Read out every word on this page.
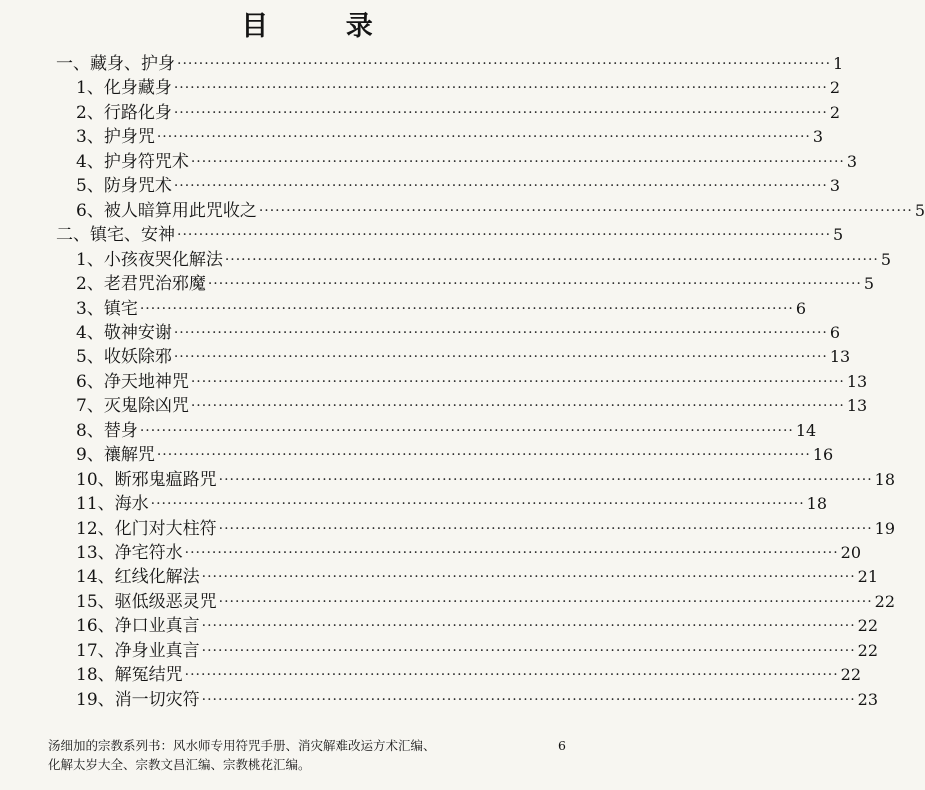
目 录
一、藏身、护身 ························································································································ 1
1、化身藏身 ························································································································ 2
2、行路化身 ························································································································ 2
3、护身咒 ························································································································ 3
4、护身符咒术 ························································································································ 3
5、防身咒术 ························································································································ 3
6、被人暗算用此咒收之 ························································································································ 5
二、镇宅、安神 ························································································································ 5
1、小孩夜哭化解法 ························································································································ 5
2、老君咒治邪魔 ························································································································ 5
3、镇宅 ························································································································ 6
4、敬神安谢 ························································································································ 6
5、收妖除邪 ························································································································ 13
6、净天地神咒 ························································································································ 13
7、灭鬼除凶咒 ························································································································ 13
8、替身 ························································································································ 14
9、禳解咒 ························································································································ 16
10、断邪鬼瘟路咒 ························································································································ 18
11、海水 ························································································································ 18
12、化门对大柱符 ························································································································ 19
13、净宅符水 ························································································································ 20
14、红线化解法 ························································································································ 21
15、驱低级恶灵咒 ························································································································ 22
16、净口业真言 ························································································································ 22
17、净身业真言 ························································································································ 22
18、解冤结咒 ························································································································ 22
19、消一切灾符 ························································································································ 23
汤细加的宗教系列书：风水师专用符咒手册、消灾解难改运方术汇编、	6
化解太岁大全、宗教文昌汇编、宗教桃花汇编。
